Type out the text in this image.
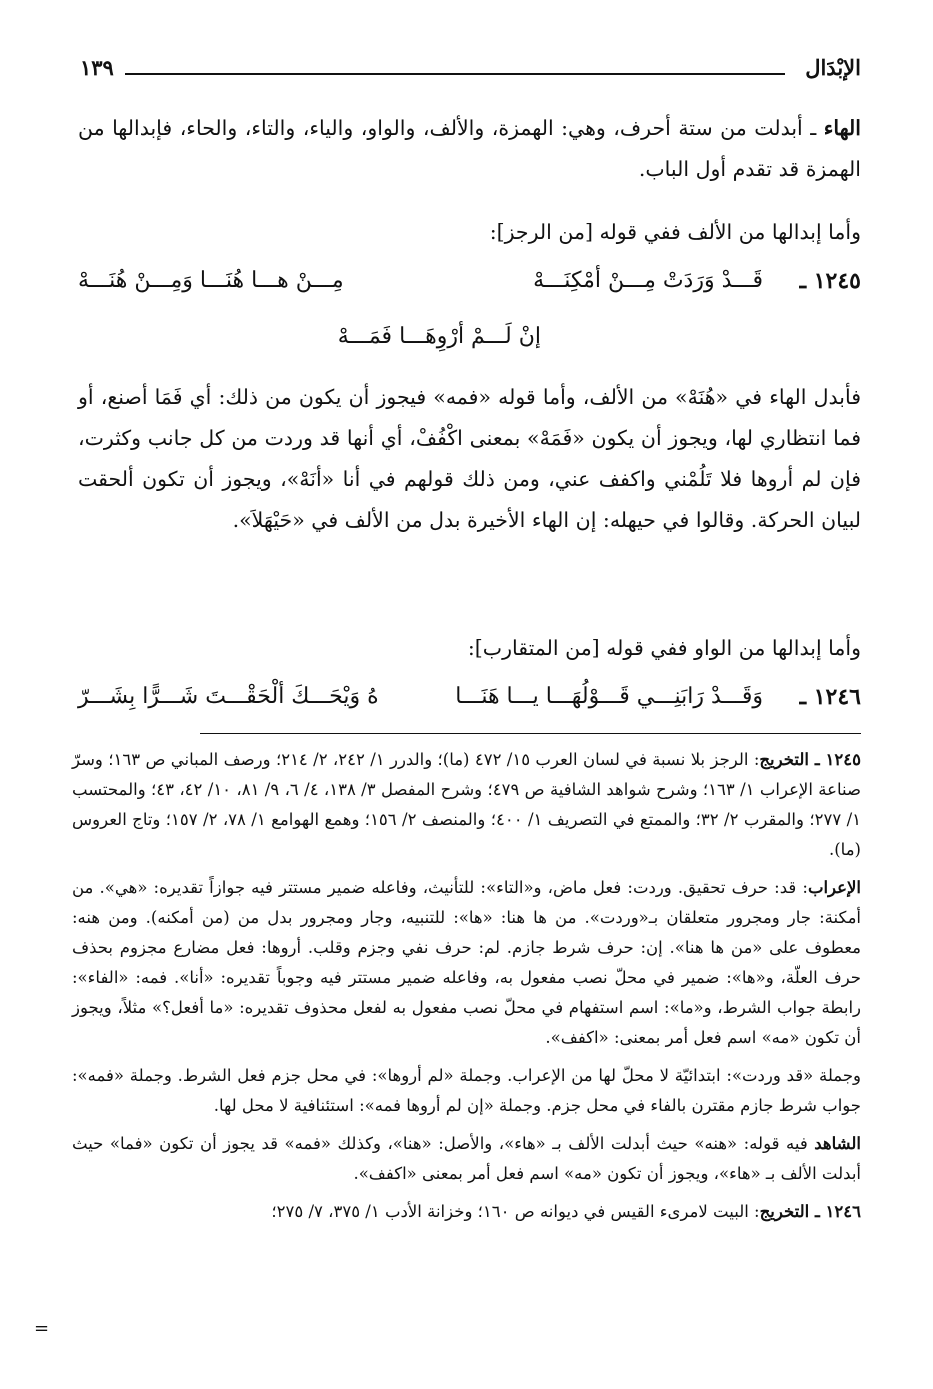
الإبْدَال
١٣٩

الهاء ـ أبدلت من ستة أحرف، وهي: الهمزة، والألف، والواو، والياء، والتاء، والحاء، فإبدالها من الهمزة قد تقدم أول الباب.

وأما إبدالها من الألف ففي قوله [من الرجز]:

١٢٤٥ ـ
قَـــدْ وَرَدَتْ مِـــنْ أمْكِنَـــهْ
مِـــنْ هـــا هُنَـــا وَمِـــنْ هُنَـــهْ
إنْ لَـــمْ أرْوِهَـــا فَمَـــهْ

فأبدل الهاء في «هُنَهْ» من الألف، وأما قوله «فمه» فيجوز أن يكون من ذلك: أي فَمَا أصنع، أو فما انتظاري لها، ويجوز أن يكون «فَمَهْ» بمعنى اكْفُفْ، أي أنها قد وردت من كل جانب وكثرت، فإن لم أروها فلا تَلُمْني واكفف عني، ومن ذلك قولهم في أنا «أنَهْ»، ويجوز أن تكون ألحقت لبيان الحركة. وقالوا في حيهله: إن الهاء الأخيرة بدل من الألف في «حَيْهَلاَ».

وأما إبدالها من الواو ففي قوله [من المتقارب]:

١٢٤٦ ـ
وَقَـــدْ رَابَنِـــي قَـــوْلُهَـــا يـــا هَنَـــا
هُ وَيْحَـــكَ ألْحَقْـــتَ شَـــرًّا بِشَـــرّ

١٢٤٥ ـ التخريج: الرجز بلا نسبة في لسان العرب ١٥/ ٤٧٢ (ما)؛ والدرر ١/ ٢٤٢، ٢/ ٢١٤؛ ورصف المباني ص ١٦٣؛ وسرّ صناعة الإعراب ١/ ١٦٣؛ وشرح شواهد الشافية ص ٤٧٩؛ وشرح المفصل ٣/ ١٣٨، ٤/ ٦، ٩/ ٨١، ١٠/ ٤٢، ٤٣؛ والمحتسب ١/ ٢٧٧؛ والمقرب ٢/ ٣٢؛ والممتع في التصريف ١/ ٤٠٠؛ والمنصف ٢/ ١٥٦؛ وهمع الهوامع ١/ ٧٨، ٢/ ١٥٧؛ وتاج العروس (ما).

الإعراب: قد: حرف تحقيق. وردت: فعل ماض، و«التاء»: للتأنيث، وفاعله ضمير مستتر فيه جوازاً تقديره: «هي». من أمكنة: جار ومجرور متعلقان بـ«وردت». من ها هنا: «ها»: للتنبيه، وجار ومجرور بدل من (من أمكنه). ومن هنه: معطوف على «من ها هنا». إن: حرف شرط جازم. لم: حرف نفي وجزم وقلب. أروها: فعل مضارع مجزوم بحذف حرف العلّة، و«ها»: ضمير في محلّ نصب مفعول به، وفاعله ضمير مستتر فيه وجوباً تقديره: «أنا». فمه: «الفاء»: رابطة جواب الشرط، و«ما»: اسم استفهام في محلّ نصب مفعول به لفعل محذوف تقديره: «ما أفعل؟» مثلاً، ويجوز أن تكون «مه» اسم فعل أمر بمعنى: «اكفف».

وجملة «قد وردت»: ابتدائيّة لا محلّ لها من الإعراب. وجملة «لم أروها»: في محل جزم فعل الشرط. وجملة «فمه»: جواب شرط جازم مقترن بالفاء في محل جزم. وجملة «إن لم أروها فمه»: استئنافية لا محل لها.

الشاهد فيه قوله: «هنه» حيث أبدلت الألف بـ «هاء»، والأصل: «هنا»، وكذلك «فمه» قد يجوز أن تكون «فما» حيث أبدلت الألف بـ «هاء»، ويجوز أن تكون «مه» اسم فعل أمر بمعنى «اكفف».

١٢٤٦ ـ التخريج: البيت لامرىء القيس في ديوانه ص ١٦٠؛ وخزانة الأدب ١/ ٣٧٥، ٧/ ٢٧٥؛

=
